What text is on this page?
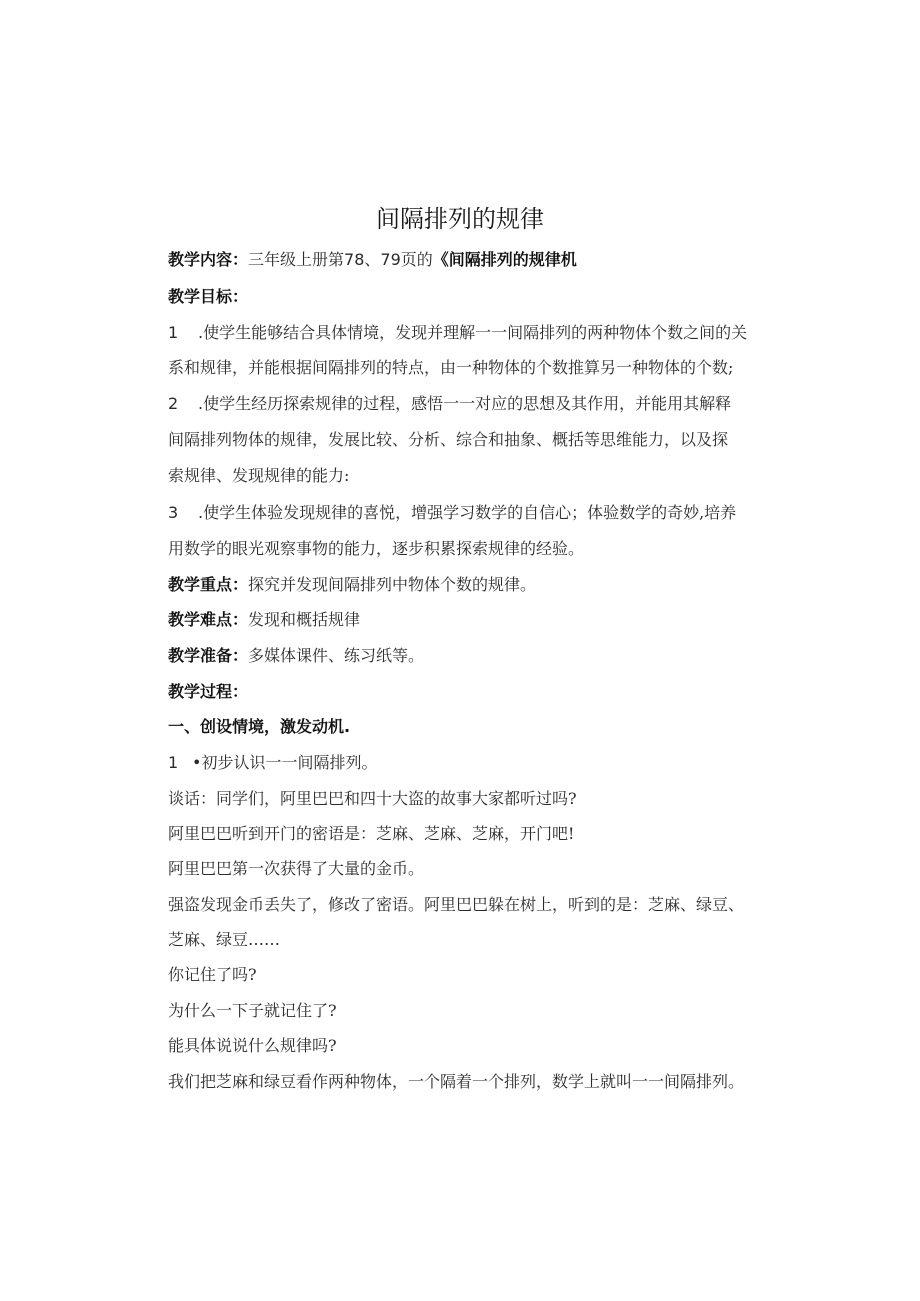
间隔排列的规律
教学内容：三年级上册第78、79页的《间隔排列的规律机
教学目标：
1 .使学生能够结合具体情境，发现并理解一一间隔排列的两种物体个数之间的关
系和规律，并能根据间隔排列的特点，由一种物体的个数推算另一种物体的个数;
2 .使学生经历探索规律的过程，感悟一一对应的思想及其作用，并能用其解释
间隔排列物体的规律，发展比较、分析、综合和抽象、概括等思维能力，以及探
索规律、发现规律的能力:
3 .使学生体验发现规律的喜悦，增强学习数学的自信心；体验数学的奇妙,培养
用数学的眼光观察事物的能力，逐步积累探索规律的经验。
教学重点：探究并发现间隔排列中物体个数的规律。
教学难点：发现和概括规律
教学准备：多媒体课件、练习纸等。
教学过程：
一、创设情境，激发动机.
1 •初步认识一一间隔排列。
谈话：同学们，阿里巴巴和四十大盗的故事大家都听过吗?
阿里巴巴听到开门的密语是：芝麻、芝麻、芝麻，开门吧!
阿里巴巴第一次获得了大量的金币。
强盗发现金币丢失了，修改了密语。阿里巴巴躲在树上，听到的是：芝麻、绿豆、
芝麻、绿豆……
你记住了吗?
为什么一下子就记住了?
能具体说说什么规律吗?
我们把芝麻和绿豆看作两种物体，一个隔着一个排列，数学上就叫一一间隔排列。
